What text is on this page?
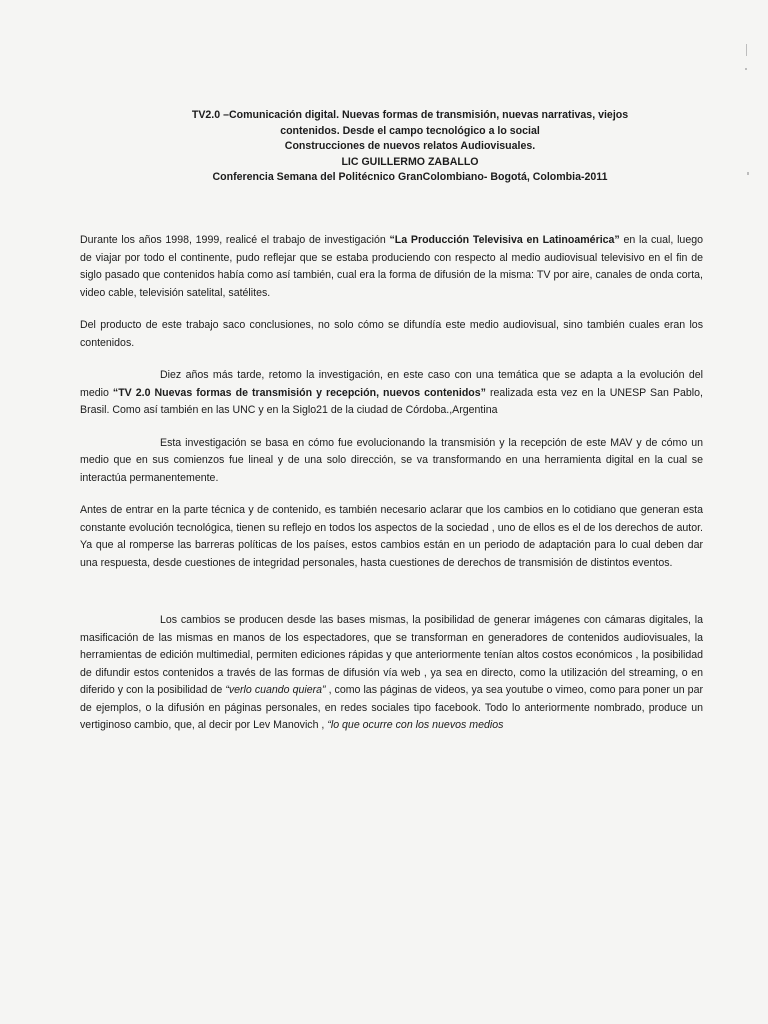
TV2.0 –Comunicación digital. Nuevas formas de transmisión, nuevas narrativas, viejos
contenidos. Desde el campo tecnológico a lo social
Construcciones de nuevos relatos Audiovisuales.
LIC GUILLERMO ZABALLO
Conferencia Semana del Politécnico GranColombiano- Bogotá, Colombia-2011

Durante los años 1998, 1999, realicé el trabajo de investigación “La Producción Televisiva en Latinoamérica” en la cual, luego de viajar por todo el continente, pudo reflejar que se estaba produciendo con respecto al medio audiovisual televisivo en el fin de siglo pasado que contenidos había como así también, cual era la forma de difusión de la misma: TV por aire, canales de onda corta, video cable, televisión satelital, satélites.

Del producto de este trabajo saco conclusiones, no solo cómo se difundía este medio audiovisual, sino también cuales eran los contenidos.

Diez años más tarde, retomo la investigación, en este caso con una temática que se adapta a la evolución del medio “TV 2.0 Nuevas formas de transmisión y recepción, nuevos contenidos” realizada esta vez en la UNESP San Pablo, Brasil. Como así también en las UNC y en la Siglo21 de la ciudad de Córdoba.,Argentina

Esta investigación se basa en cómo fue evolucionando la transmisión y la recepción de este MAV y de cómo un medio que en sus comienzos fue lineal y de una solo dirección, se va transformando en una herramienta digital en la cual se interactúa permanentemente.

Antes de entrar en la parte técnica y de contenido, es también necesario aclarar que los cambios en lo cotidiano que generan esta constante evolución tecnológica, tienen su reflejo en todos los aspectos de la sociedad , uno de ellos es el de los derechos de autor. Ya que al romperse las barreras políticas de los países, estos cambios están en un periodo de adaptación para lo cual deben dar una respuesta, desde cuestiones de integridad personales, hasta cuestiones de derechos de transmisión de distintos eventos.

Los cambios se producen desde las bases mismas, la posibilidad de generar imágenes con cámaras digitales, la masificación de las mismas en manos de los espectadores, que se transforman en generadores de contenidos audiovisuales, la herramientas de edición multimedial, permiten ediciones rápidas y que anteriormente tenían altos costos económicos , la posibilidad de difundir estos contenidos a través de las formas de difusión vía web , ya sea en directo, como la utilización del streaming, o en diferido y con la posibilidad de “verlo cuando quiera” , como las páginas de videos, ya sea youtube o vimeo, como para poner un par de ejemplos, o la difusión en páginas personales, en redes sociales tipo facebook. Todo lo anteriormente nombrado, produce un vertiginoso cambio, que, al decir por Lev Manovich , “lo que ocurre con los nuevos medios
